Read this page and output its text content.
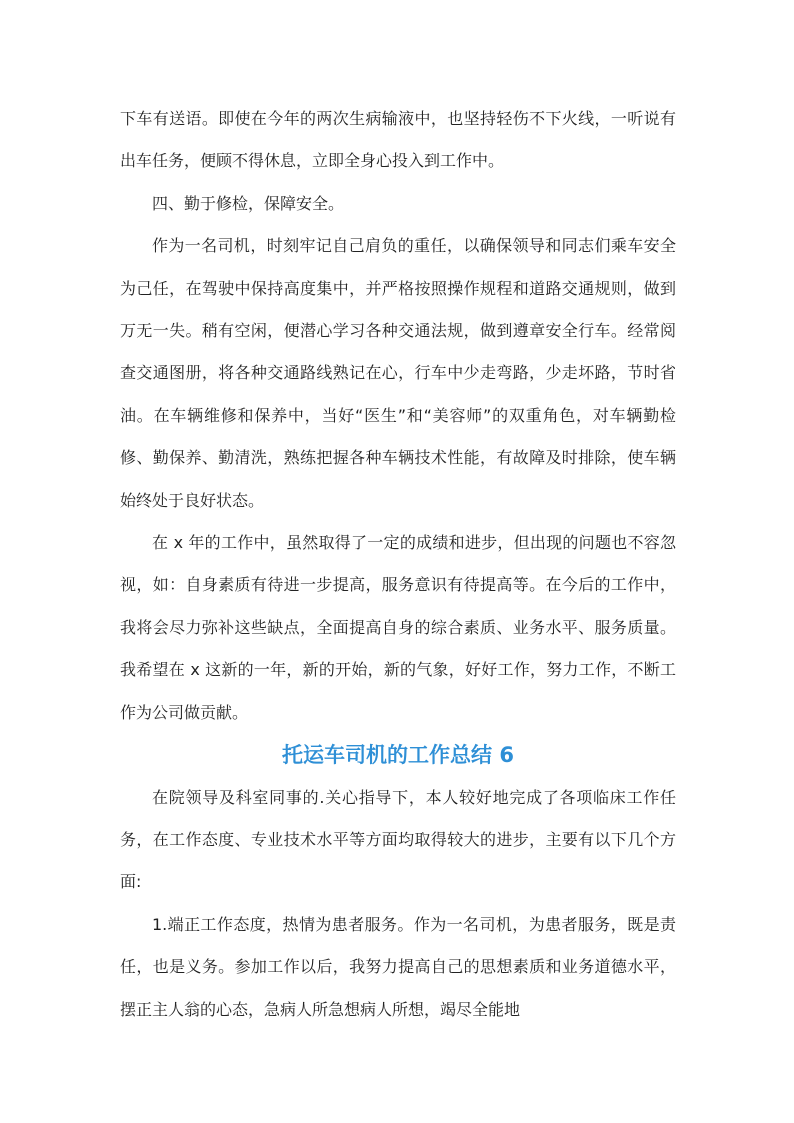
下车有送语。即使在今年的两次生病输液中，也坚持轻伤不下火线，一听说有出车任务，便顾不得休息，立即全身心投入到工作中。

四、勤于修检，保障安全。

作为一名司机，时刻牢记自己肩负的重任，以确保领导和同志们乘车安全为己任，在驾驶中保持高度集中，并严格按照操作规程和道路交通规则，做到万无一失。稍有空闲，便潜心学习各种交通法规，做到遵章安全行车。经常阅查交通图册，将各种交通路线熟记在心，行车中少走弯路，少走坏路，节时省油。在车辆维修和保养中，当好“医生”和“美容师”的双重角色，对车辆勤检修、勤保养、勤清洗，熟练把握各种车辆技术性能，有故障及时排除，使车辆始终处于良好状态。

在 x 年的工作中，虽然取得了一定的成绩和进步，但出现的问题也不容忽视，如：自身素质有待进一步提高，服务意识有待提高等。在今后的工作中，我将会尽力弥补这些缺点，全面提高自身的综合素质、业务水平、服务质量。我希望在 x 这新的一年，新的开始，新的气象，好好工作，努力工作，不断工作为公司做贡献。

托运车司机的工作总结 6

在院领导及科室同事的.关心指导下，本人较好地完成了各项临床工作任务，在工作态度、专业技术水平等方面均取得较大的进步，主要有以下几个方面:

1.端正工作态度，热情为患者服务。作为一名司机，为患者服务，既是责任，也是义务。参加工作以后，我努力提高自己的思想素质和业务道德水平，摆正主人翁的心态，急病人所急想病人所想，竭尽全能地
